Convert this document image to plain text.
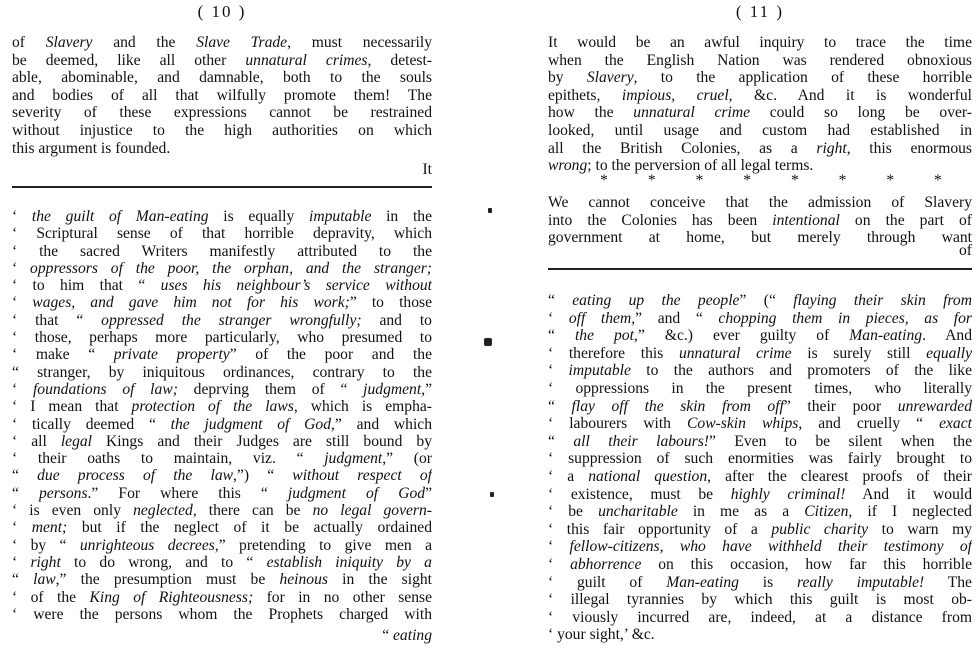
( 10 )
of Slavery and the Slave Trade, must necessarily
be deemed, like all other unnatural crimes, detest-
able, abominable, and damnable, both to the souls
and bodies of all that wilfully promote them! The
severity of these expressions cannot be restrained
without injustice to the high authorities on which
this argument is founded.
It
‘ the guilt of Man-eating is equally imputable in the
‘ Scriptural sense of that horrible depravity, which
‘ the sacred Writers manifestly attributed to the
‘ oppressors of the poor, the orphan, and the stranger;
‘ to him that “ uses his neighbour’s service without
‘ wages, and gave him not for his work;” to those
‘ that “ oppressed the stranger wrongfully; and to
‘ those, perhaps more particularly, who presumed to
‘ make “ private property” of the poor and the
“ stranger, by iniquitous ordinances, contrary to the
‘ foundations of law; deprving them of “ judgment,”
‘ I mean that protection of the laws, which is empha-
‘ tically deemed “ the judgment of God,” and which
‘ all legal Kings and their Judges are still bound by
‘ their oaths to maintain, viz. “ judgment,” (or
“ due process of the law,”) “ without respect of
“ persons.” For where this “ judgment of God”
‘ is even only neglected, there can be no legal govern-
‘ ment; but if the neglect of it be actually ordained
‘ by “ unrighteous decrees,” pretending to give men a
‘ right to do wrong, and to “ establish iniquity by a
“ law,” the presumption must be heinous in the sight
‘ of the King of Righteousness; for in no other sense
‘ were the persons whom the Prophets charged with
“ eating
( 11 )
It would be an awful inquiry to trace the time
when the English Nation was rendered obnoxious
by Slavery, to the application of these horrible
epithets, impious, cruel, &c. And it is wonderful
how the unnatural crime could so long be over-
looked, until usage and custom had established in
all the British Colonies, as a right, this enormous
wrong; to the perversion of all legal terms.
* * * * * * * *
We cannot conceive that the admission of Slavery
into the Colonies has been intentional on the part of
government at home, but merely through want
of
“ eating up the people” (“ flaying their skin from
‘ off them,” and “ chopping them in pieces, as for
“ the pot,” &c.) ever guilty of Man-eating. And
‘ therefore this unnatural crime is surely still equally
‘ imputable to the authors and promoters of the like
‘ oppressions in the present times, who literally
“ flay off the skin from off” their poor unrewarded
‘ labourers with Cow-skin whips, and cruelly “ exact
“ all their labours!” Even to be silent when the
‘ suppression of such enormities was fairly brought to
‘ a national question, after the clearest proofs of their
‘ existence, must be highly criminal! And it would
‘ be uncharitable in me as a Citizen, if I neglected
‘ this fair opportunity of a public charity to warn my
‘ fellow-citizens, who have withheld their testimony of
‘ abhorrence on this occasion, how far this horrible
‘ guilt of Man-eating is really imputable! The
‘ illegal tyrannies by which this guilt is most ob-
‘ viously incurred are, indeed, at a distance from
‘ your sight,’ &c.
